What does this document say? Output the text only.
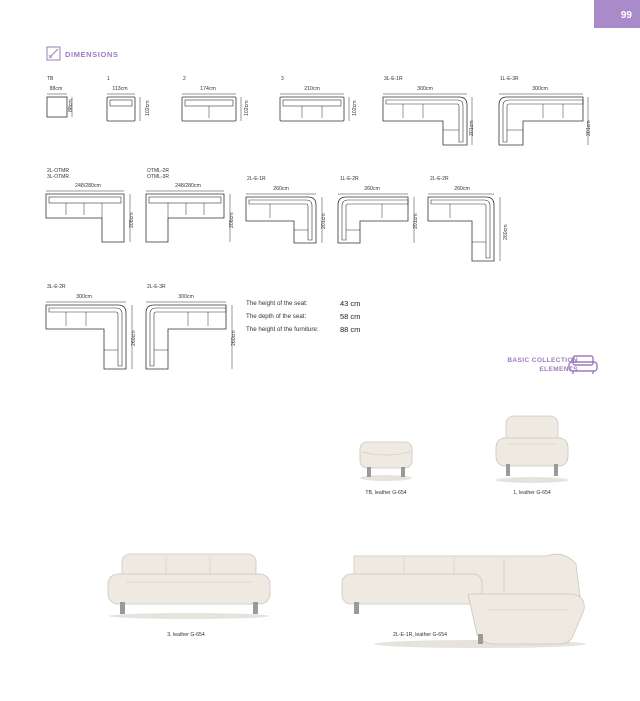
99
DIMENSIONS
TB
88cm
88cm
1
113cm
102cm
2
174cm
102cm
3
210cm
102cm
3L-E-1R
300cm
201cm
1L-E-3R
300cm
201cm
2L-OTMR
3L-OTMR
248/280cm
206cm
OTML-2R
OTML-3R
248/280cm
206cm
2L-E-1R
260cm
201cm
1L-E-2R
260cm
201cm
2L-E-2R
260cm
260cm
3L-E-2R
300cm
260cm
2L-E-3R
300cm
260cm
The height of the seat:	43 cm
The depth of the seat:	58 cm
The height of the furniture:	88 cm
BASIC COLLECTION
ELEMENTS
TB, leather G-654	1, leather G-654
3, leather G-654	2L-E-1R, leather G-654
